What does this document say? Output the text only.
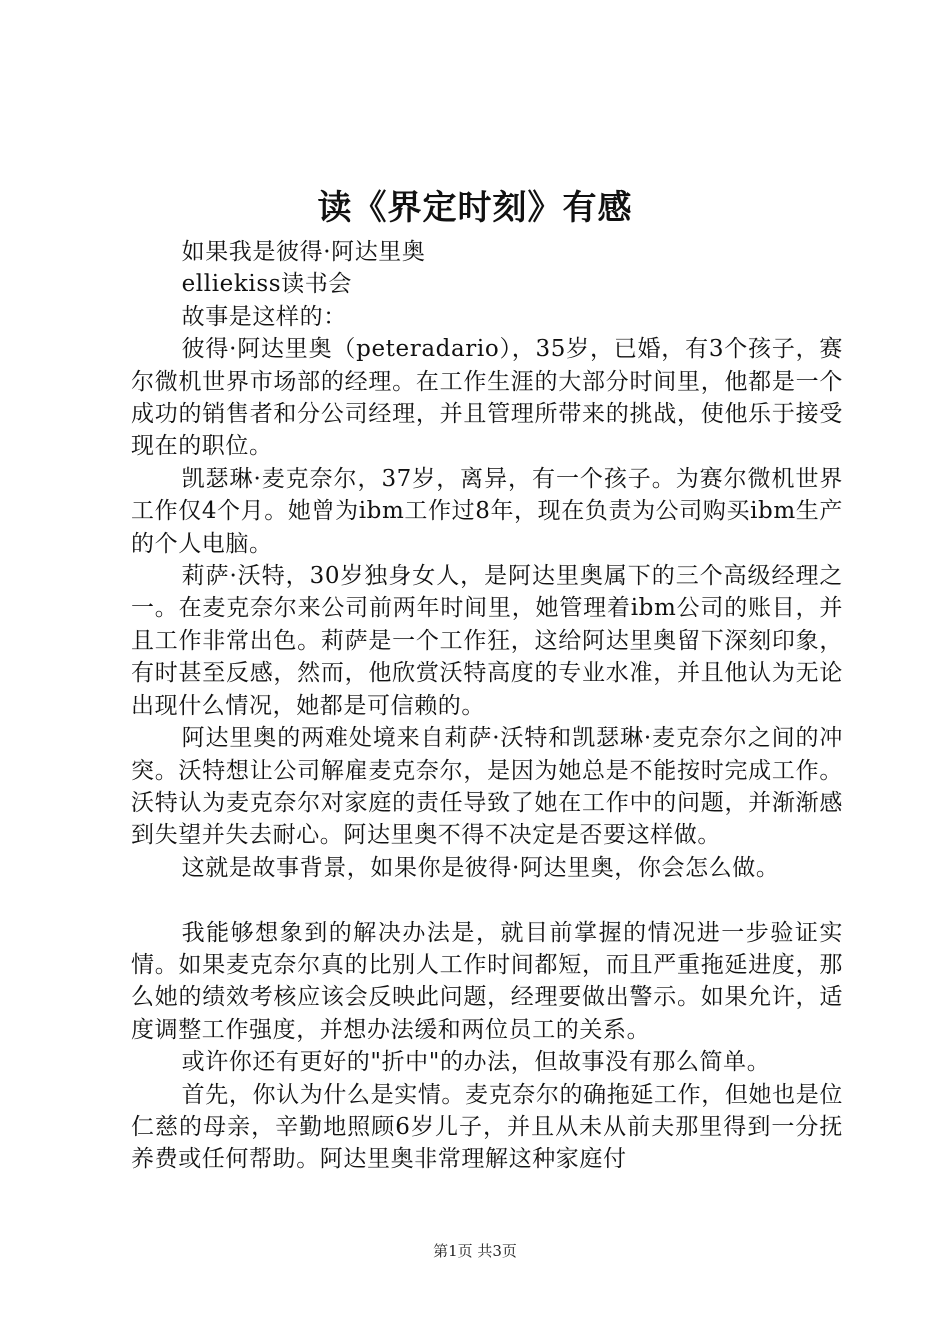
读《界定时刻》有感

如果我是彼得·阿达里奥

elliekiss读书会

故事是这样的：

彼得·阿达里奥（peteradario），35岁，已婚，有3个孩子，赛尔微机世界市场部的经理。在工作生涯的大部分时间里，他都是一个成功的销售者和分公司经理，并且管理所带来的挑战，使他乐于接受现在的职位。

凯瑟琳·麦克奈尔，37岁，离异，有一个孩子。为赛尔微机世界工作仅4个月。她曾为ibm工作过8年，现在负责为公司购买ibm生产的个人电脑。

莉萨·沃特，30岁独身女人，是阿达里奥属下的三个高级经理之一。在麦克奈尔来公司前两年时间里，她管理着ibm公司的账目，并且工作非常出色。莉萨是一个工作狂，这给阿达里奥留下深刻印象，有时甚至反感，然而，他欣赏沃特高度的专业水准，并且他认为无论出现什么情况，她都是可信赖的。

阿达里奥的两难处境来自莉萨·沃特和凯瑟琳·麦克奈尔之间的冲突。沃特想让公司解雇麦克奈尔，是因为她总是不能按时完成工作。沃特认为麦克奈尔对家庭的责任导致了她在工作中的问题，并渐渐感到失望并失去耐心。阿达里奥不得不决定是否要这样做。

这就是故事背景，如果你是彼得·阿达里奥，你会怎么做。

我能够想象到的解决办法是，就目前掌握的情况进一步验证实情。如果麦克奈尔真的比别人工作时间都短，而且严重拖延进度，那么她的绩效考核应该会反映此问题，经理要做出警示。如果允许，适度调整工作强度，并想办法缓和两位员工的关系。

或许你还有更好的"折中"的办法，但故事没有那么简单。

首先，你认为什么是实情。麦克奈尔的确拖延工作，但她也是位仁慈的母亲，辛勤地照顾6岁儿子，并且从未从前夫那里得到一分抚养费或任何帮助。阿达里奥非常理解这种家庭付

第1页 共3页
